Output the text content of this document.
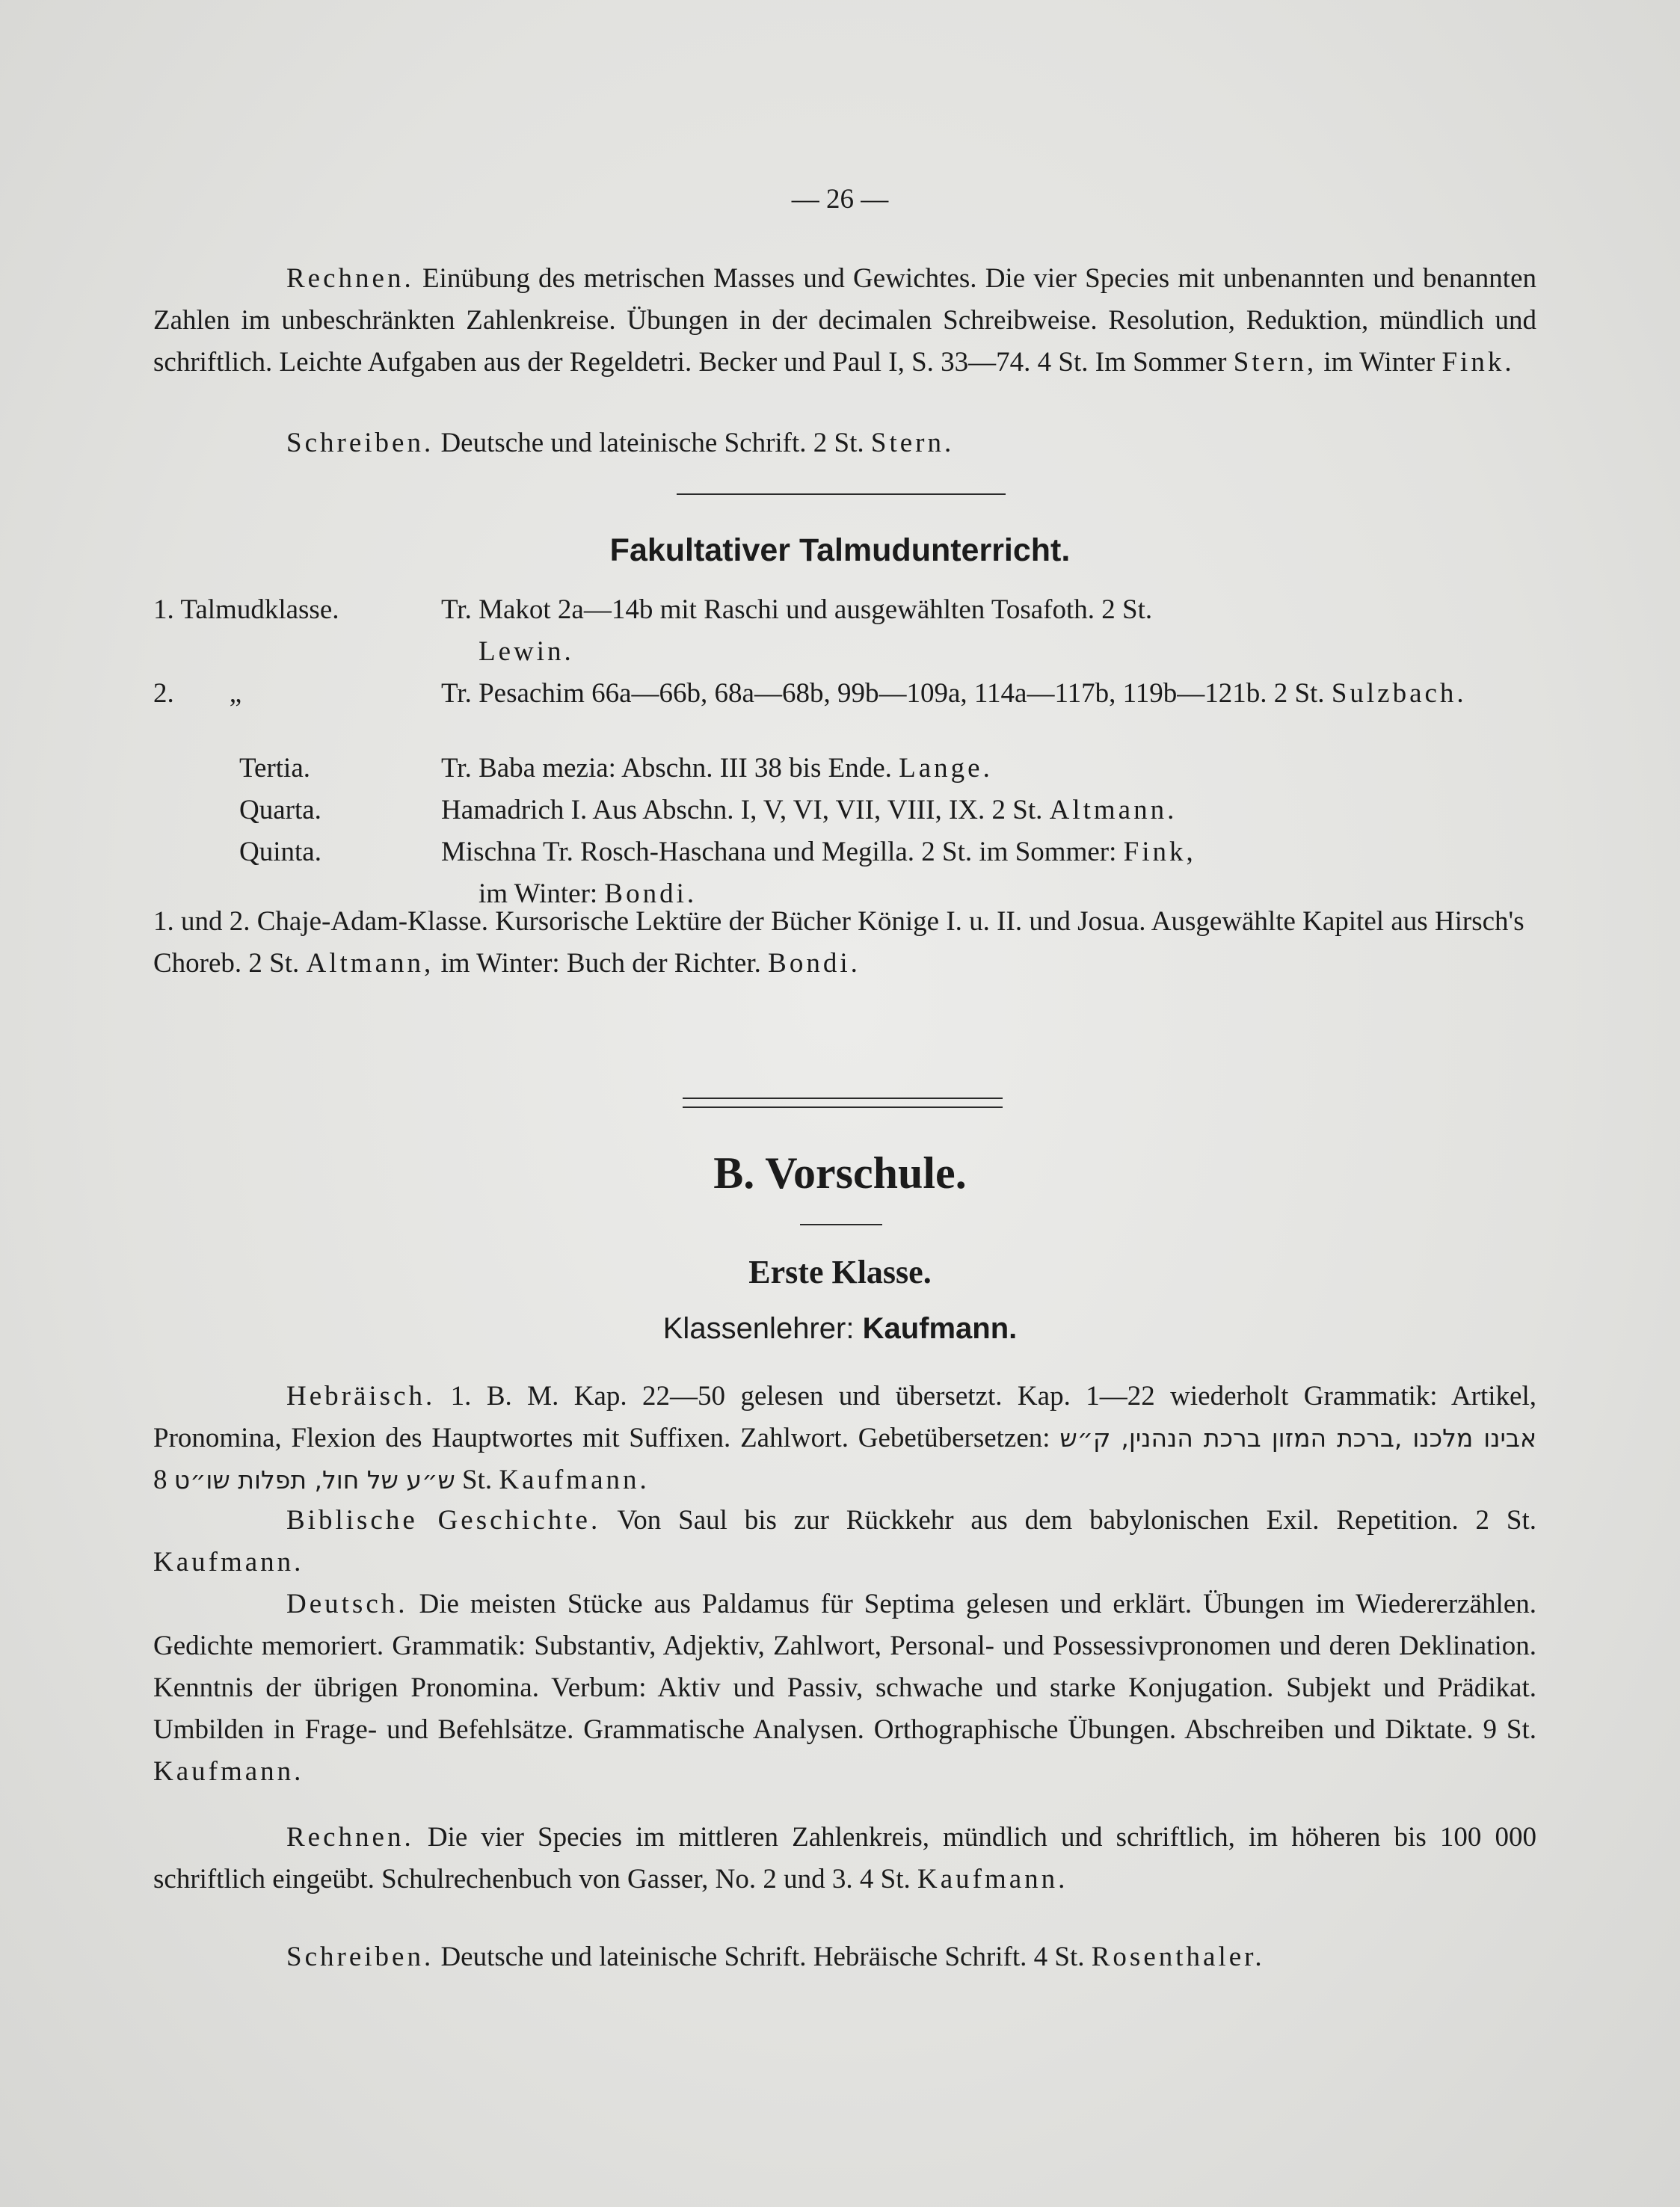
— 26 —
Rechnen. Einübung des metrischen Masses und Gewichtes. Die vier Species mit unbenannten und benannten Zahlen im unbeschränkten Zahlenkreise. Übungen in der decimalen Schreibweise. Resolution, Reduktion, mündlich und schriftlich. Leichte Aufgaben aus der Regeldetri. Becker und Paul I, S. 33—74. 4 St. Im Sommer Stern, im Winter Fink.
Schreiben. Deutsche und lateinische Schrift. 2 St. Stern.
Fakultativer Talmudunterricht.
1. Talmudklasse.	Tr. Makot 2a—14b mit Raschi und ausgewählten Tosafoth. 2 St.
Lewin.
2.        „	Tr. Pesachim 66a—66b, 68a—68b, 99b—109a, 114a—117b, 119b—121b. 2 St. Sulzbach.
Tertia.	Tr. Baba mezia: Abschn. III 38 bis Ende. Lange.
Quarta.	Hamadrich I. Aus Abschn. I, V, VI, VII, VIII, IX. 2 St. Altmann.
Quinta.	Mischna Tr. Rosch-Haschana und Megilla. 2 St. im Sommer: Fink,
im Winter: Bondi.
1. und 2. Chaje-Adam-Klasse. Kursorische Lektüre der Bücher Könige I. u. II. und Josua. Ausgewählte Kapitel aus Hirsch's Choreb. 2 St. Altmann, im Winter: Buch der Richter. Bondi.
B. Vorschule.
Erste Klasse.
Klassenlehrer: Kaufmann.
Hebräisch. 1. B. M. Kap. 22—50 gelesen und übersetzt. Kap. 1—22 wiederholt Grammatik: Artikel, Pronomina, Flexion des Hauptwortes mit Suffixen. Zahlwort. Gebetübersetzen: אבינו מלכנו ,ברכת המזון ברכת הנהנין, ק״ש ש״ע של חול, תפלות שו״ט 8 St. Kaufmann.
Biblische Geschichte. Von Saul bis zur Rückkehr aus dem babylonischen Exil. Repetition. 2 St. Kaufmann.
Deutsch. Die meisten Stücke aus Paldamus für Septima gelesen und erklärt. Übungen im Wiedererzählen. Gedichte memoriert. Grammatik: Substantiv, Adjektiv, Zahlwort, Personal- und Possessivpronomen und deren Deklination. Kenntnis der übrigen Pronomina. Verbum: Aktiv und Passiv, schwache und starke Konjugation. Subjekt und Prädikat. Umbilden in Frage- und Befehlsätze. Grammatische Analysen. Orthographische Übungen. Abschreiben und Diktate. 9 St. Kaufmann.
Rechnen. Die vier Species im mittleren Zahlenkreis, mündlich und schriftlich, im höheren bis 100 000 schriftlich eingeübt. Schulrechenbuch von Gasser, No. 2 und 3. 4 St. Kaufmann.
Schreiben. Deutsche und lateinische Schrift. Hebräische Schrift. 4 St. Rosenthaler.
